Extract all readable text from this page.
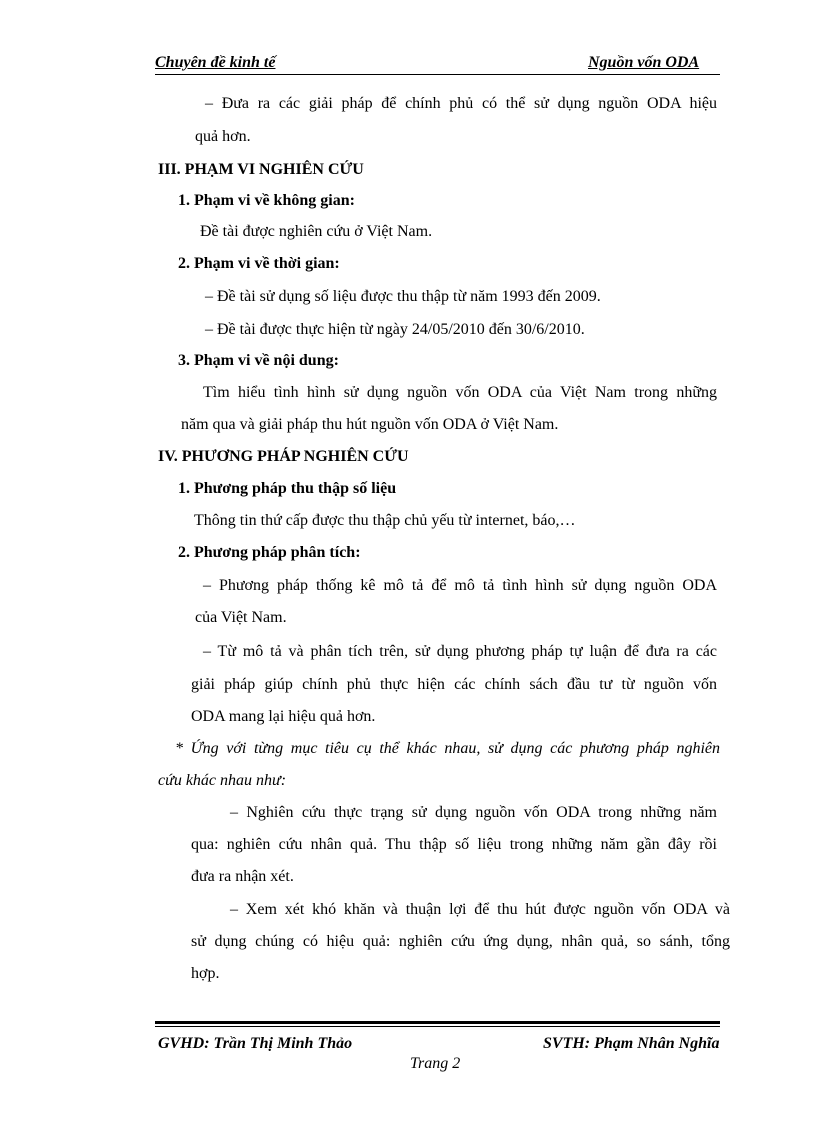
Chuyên đề kinh tế	Nguồn vốn ODA
– Đưa ra các giải pháp để chính phủ có thể sử dụng nguồn ODA hiệu
quả hơn.
III. PHẠM VI NGHIÊN CỨU
1. Phạm vi về không gian:
Đề tài được nghiên cứu ở Việt Nam.
2. Phạm vi về thời gian:
– Đề tài sử dụng số liệu được thu thập từ năm 1993 đến 2009.
– Đề tài được thực hiện từ ngày 24/05/2010 đến 30/6/2010.
3. Phạm vi về nội dung:
Tìm hiểu tình hình sử dụng nguồn vốn ODA của Việt Nam trong những
năm qua và giải pháp thu hút nguồn vốn ODA ở Việt Nam.
IV. PHƯƠNG PHÁP NGHIÊN CỨU
1. Phương pháp thu thập số liệu
Thông tin thứ cấp được thu thập chủ yếu từ internet, báo,…
2. Phương pháp phân tích:
– Phương pháp thống kê mô tả để mô tả tình hình sử dụng nguồn ODA
của Việt Nam.
– Từ mô tả và phân tích trên, sử dụng phương pháp tự luận để đưa ra các
giải pháp giúp chính phủ thực hiện các chính sách đầu tư từ nguồn vốn
ODA mang lại hiệu quả hơn.
* Ứng với từng mục tiêu cụ thể khác nhau, sử dụng các phương pháp nghiên
cứu khác nhau như:
– Nghiên cứu thực trạng sử dụng nguồn vốn ODA trong những năm
qua: nghiên cứu nhân quả. Thu thập số liệu trong những năm gần đây rồi
đưa ra nhận xét.
– Xem xét khó khăn và thuận lợi để thu hút được nguồn vốn ODA và
sử dụng chúng có hiệu quả: nghiên cứu ứng dụng, nhân quả, so sánh, tổng
hợp.
GVHD: Trần Thị Minh Thảo	SVTH: Phạm Nhân Nghĩa
Trang 2
